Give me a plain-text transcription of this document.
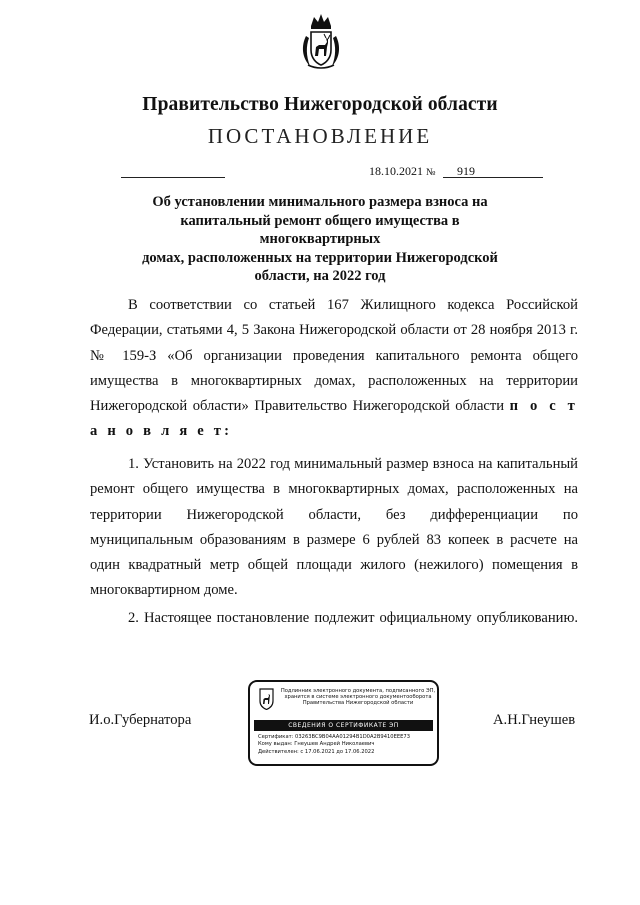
Правительство Нижегородской области
ПОСТАНОВЛЕНИЕ
18.10.2021 № 919
Об установлении минимального размера взноса на
капитальный ремонт общего имущества в многоквартирных
домах, расположенных на территории Нижегородской
области, на 2022 год
В соответствии со статьей 167 Жилищного кодекса Российской Федерации, статьями 4, 5 Закона Нижегородской области от 28 ноября 2013 г. № 159-З «Об организации проведения капитального ремонта общего имущества в многоквартирных домах, расположенных на территории Нижегородской области» Правительство Нижегородской области п о с т а н о в л я е т:
1. Установить на 2022 год минимальный размер взноса на капитальный ремонт общего имущества в многоквартирных домах, расположенных на территории Нижегородской области, без дифференциации по муниципальным образованиям в размере 6 рублей 83 копеек в расчете на один квадратный метр общей площади жилого (нежилого) помещения в многоквартирном доме.
2. Настоящее постановление подлежит официальному опубликованию.
И.о.Губернатора	А.Н.Гнеушев
Подлинник электронного документа, подписанного ЭП, хранится в системе электронного документооборота Правительства Нижегородской области
СВЕДЕНИЯ О СЕРТИФИКАТЕ ЭП
Сертификат: 03263BC9B04AA01294B1D0A2B9410EEE73
Кому выдан: Гнеушев Андрей Николаевич
Действителен: с 17.06.2021 до 17.06.2022
